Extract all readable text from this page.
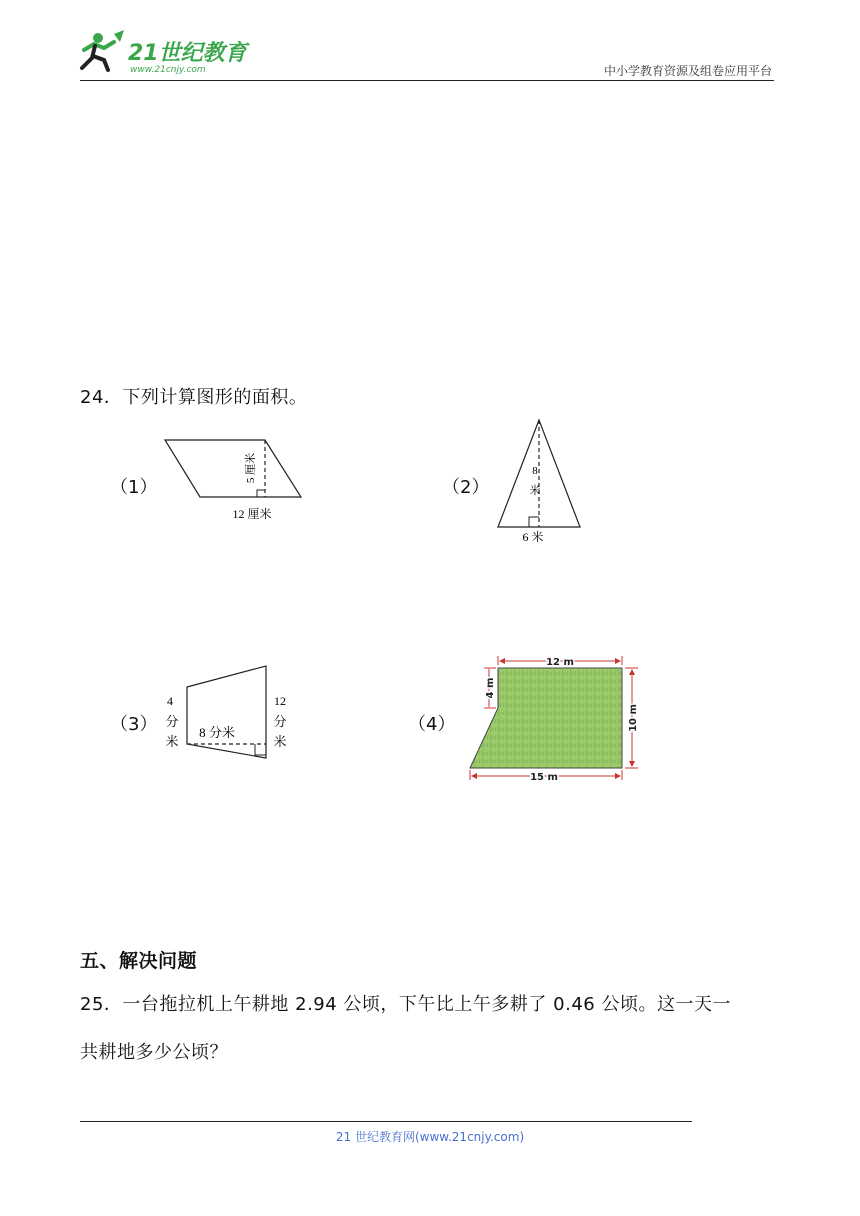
21世纪教育
www.21cnjy.com	中小学教育资源及组卷应用平台
24．下列计算图形的面积。
（1）
5 厘米
12 厘米
（2）
8
米
6 米
（3）
4
分
米
8 分米
12
分
米
（4）
12 m
4 m
10 m
15 m
五、解决问题
25．一台拖拉机上午耕地 2.94 公顷，下午比上午多耕了 0.46 公顷。这一天一
共耕地多少公顷？
21 世纪教育网(www.21cnjy.com)
